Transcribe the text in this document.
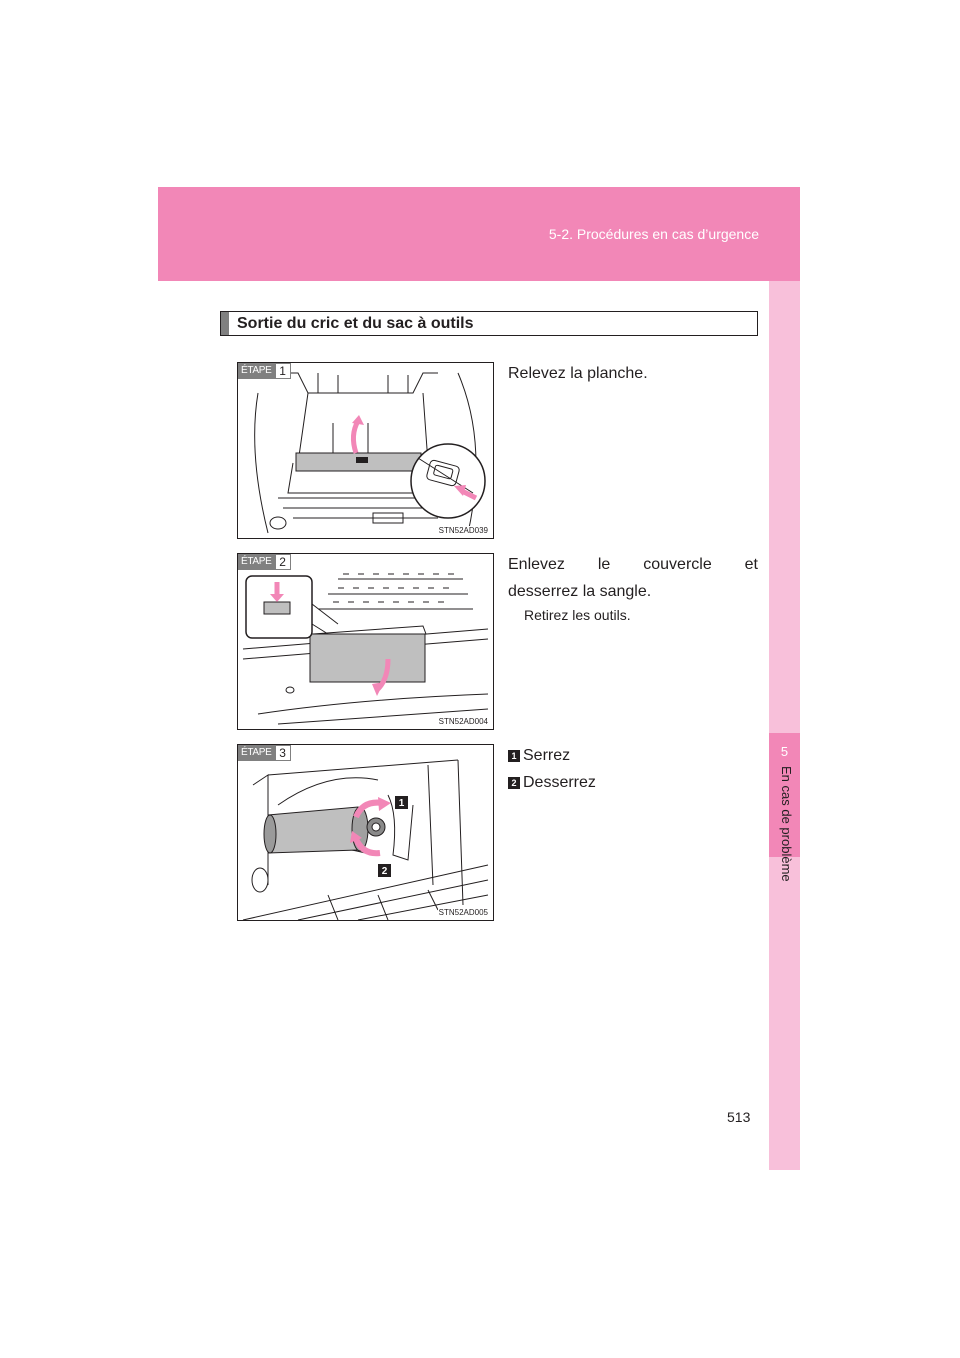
5-2. Procédures en cas d’urgence
5
En cas de problème
Sortie du cric et du sac à outils
ÉTAPE 1
STN52AD039
Relevez la planche.
ÉTAPE 2
STN52AD004
Enlevez le couvercle et
desserrez la sangle.
Retirez les outils.
1
2
ÉTAPE 3
STN52AD005
1 Serrez
2 Desserrez
513
